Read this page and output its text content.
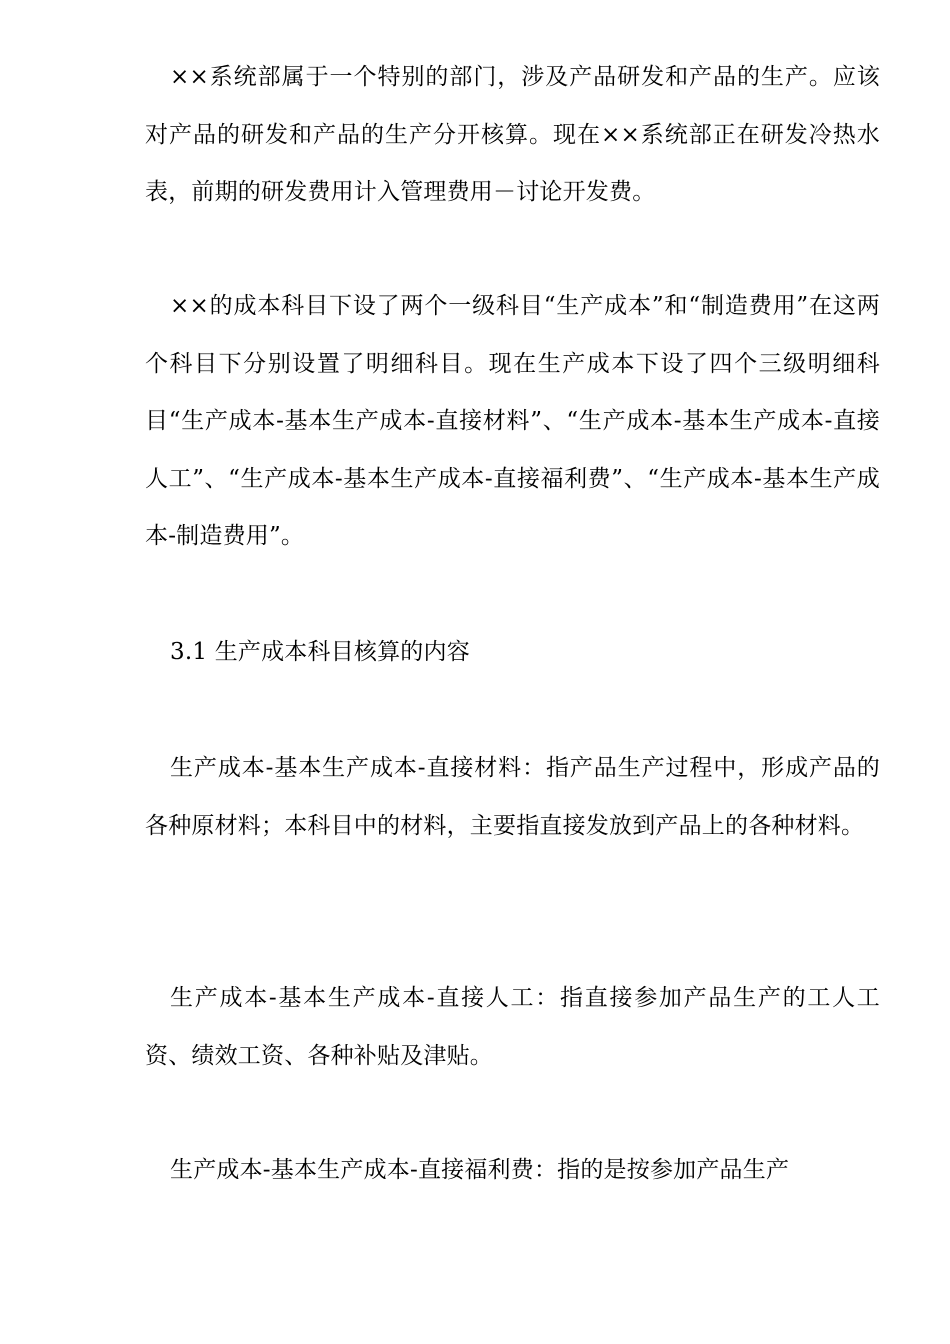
××系统部属于一个特别的部门，涉及产品研发和产品的生产。应该对产品的研发和产品的生产分开核算。现在××系统部正在研发冷热水表，前期的研发费用计入管理费用－讨论开发费。

××的成本科目下设了两个一级科目“生产成本”和“制造费用”在这两个科目下分别设置了明细科目。现在生产成本下设了四个三级明细科目“生产成本-基本生产成本-直接材料”、“生产成本-基本生产成本-直接人工”、“生产成本-基本生产成本-直接福利费”、“生产成本-基本生产成本-制造费用”。

3.1 生产成本科目核算的内容

生产成本-基本生产成本-直接材料：指产品生产过程中，形成产品的各种原材料；本科目中的材料，主要指直接发放到产品上的各种材料。

生产成本-基本生产成本-直接人工：指直接参加产品生产的工人工资、绩效工资、各种补贴及津贴。

生产成本-基本生产成本-直接福利费：指的是按参加产品生产
